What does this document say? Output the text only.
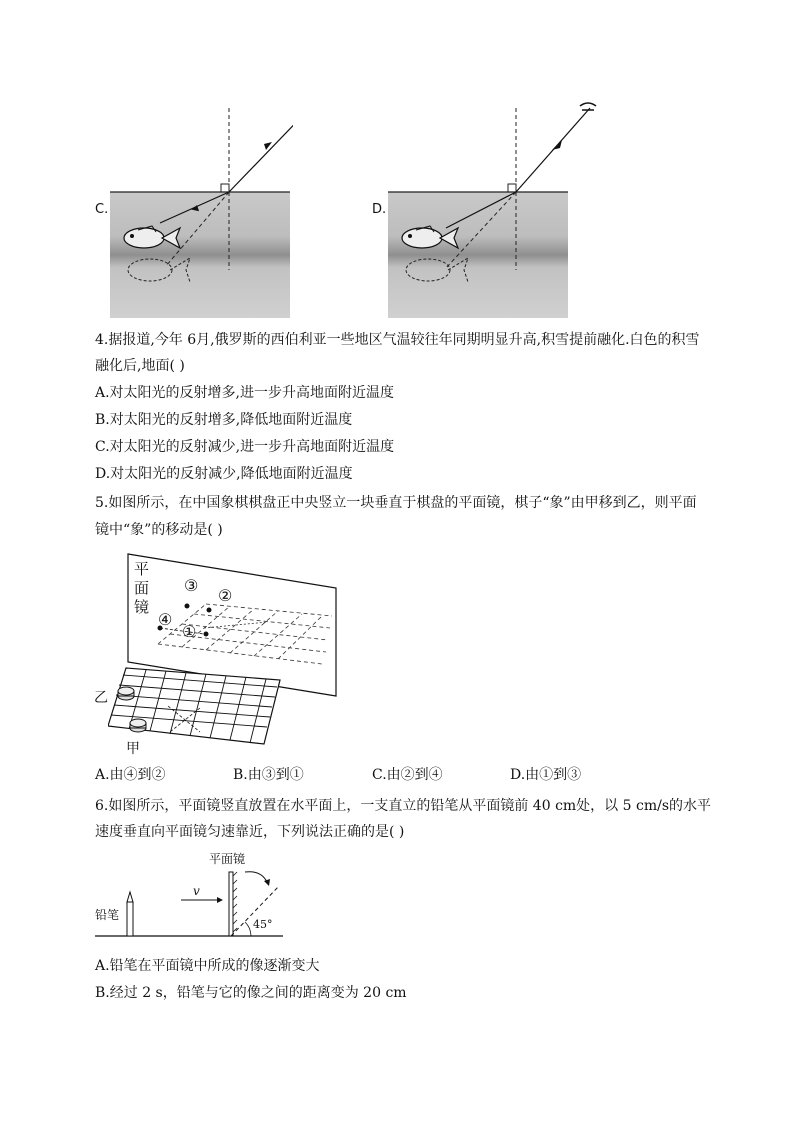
C.	D.
4.据报道,今年 6月,俄罗斯的西伯利亚一些地区气温较往年同期明显升高,积雪提前融化.白色的积雪
融化后,地面( )
A.对太阳光的反射增多,进一步升高地面附近温度
B.对太阳光的反射增多,降低地面附近温度
C.对太阳光的反射减少,进一步升高地面附近温度
D.对太阳光的反射减少,降低地面附近温度
5.如图所示，在中国象棋棋盘正中央竖立一块垂直于棋盘的平面镜，棋子“象”由甲移到乙，则平面
镜中“象”的移动是( )
平
面
镜
③
②
④
①
乙
甲
A.由④到②	B.由③到①	C.由②到④	D.由①到③
6.如图所示，平面镜竖直放置在水平面上，一支直立的铅笔从平面镜前 40 cm处，以 5 cm/s的水平
速度垂直向平面镜匀速靠近，下列说法正确的是( )
平面镜
铅笔
v
45°
A.铅笔在平面镜中所成的像逐渐变大
B.经过 2 s，铅笔与它的像之间的距离变为 20 cm
